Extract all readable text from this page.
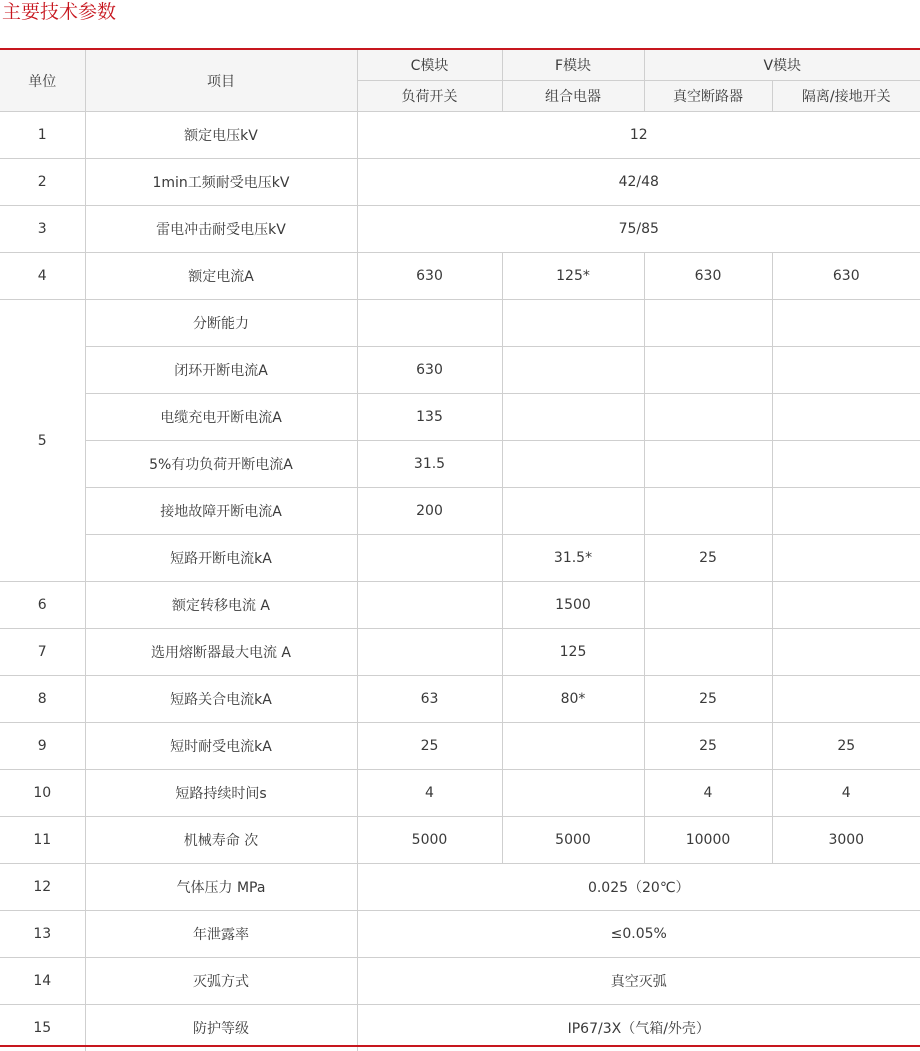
主要技术参数
单位	项目	C模块	F模块	V模块	
		负荷开关	组合电器	真空断路器	隔离/接地开关
1	额定电压kV	12			
2	1min工频耐受电压kV	42/48			
3	雷电冲击耐受电压kV	75/85			
4	额定电流A	630	125*	630	630
5	分断能力				
	闭环开断电流A	630			
	电缆充电开断电流A	135			
	5%有功负荷开断电流A	31.5			
	接地故障开断电流A	200			
	短路开断电流kA		31.5*	25	
6	额定转移电流 A		1500		
7	选用熔断器最大电流 A		125		
8	短路关合电流kA	63	80*	25	
9	短时耐受电流kA	25		25	25
10	短路持续时间s	4		4	4
11	机械寿命 次	5000	5000	10000	3000
12	气体压力 MPa	0.025（20℃）			
13	年泄露率	≤0.05%			
14	灭弧方式	真空灭弧			
15	防护等级	IP67/3X（气箱/外壳）			
